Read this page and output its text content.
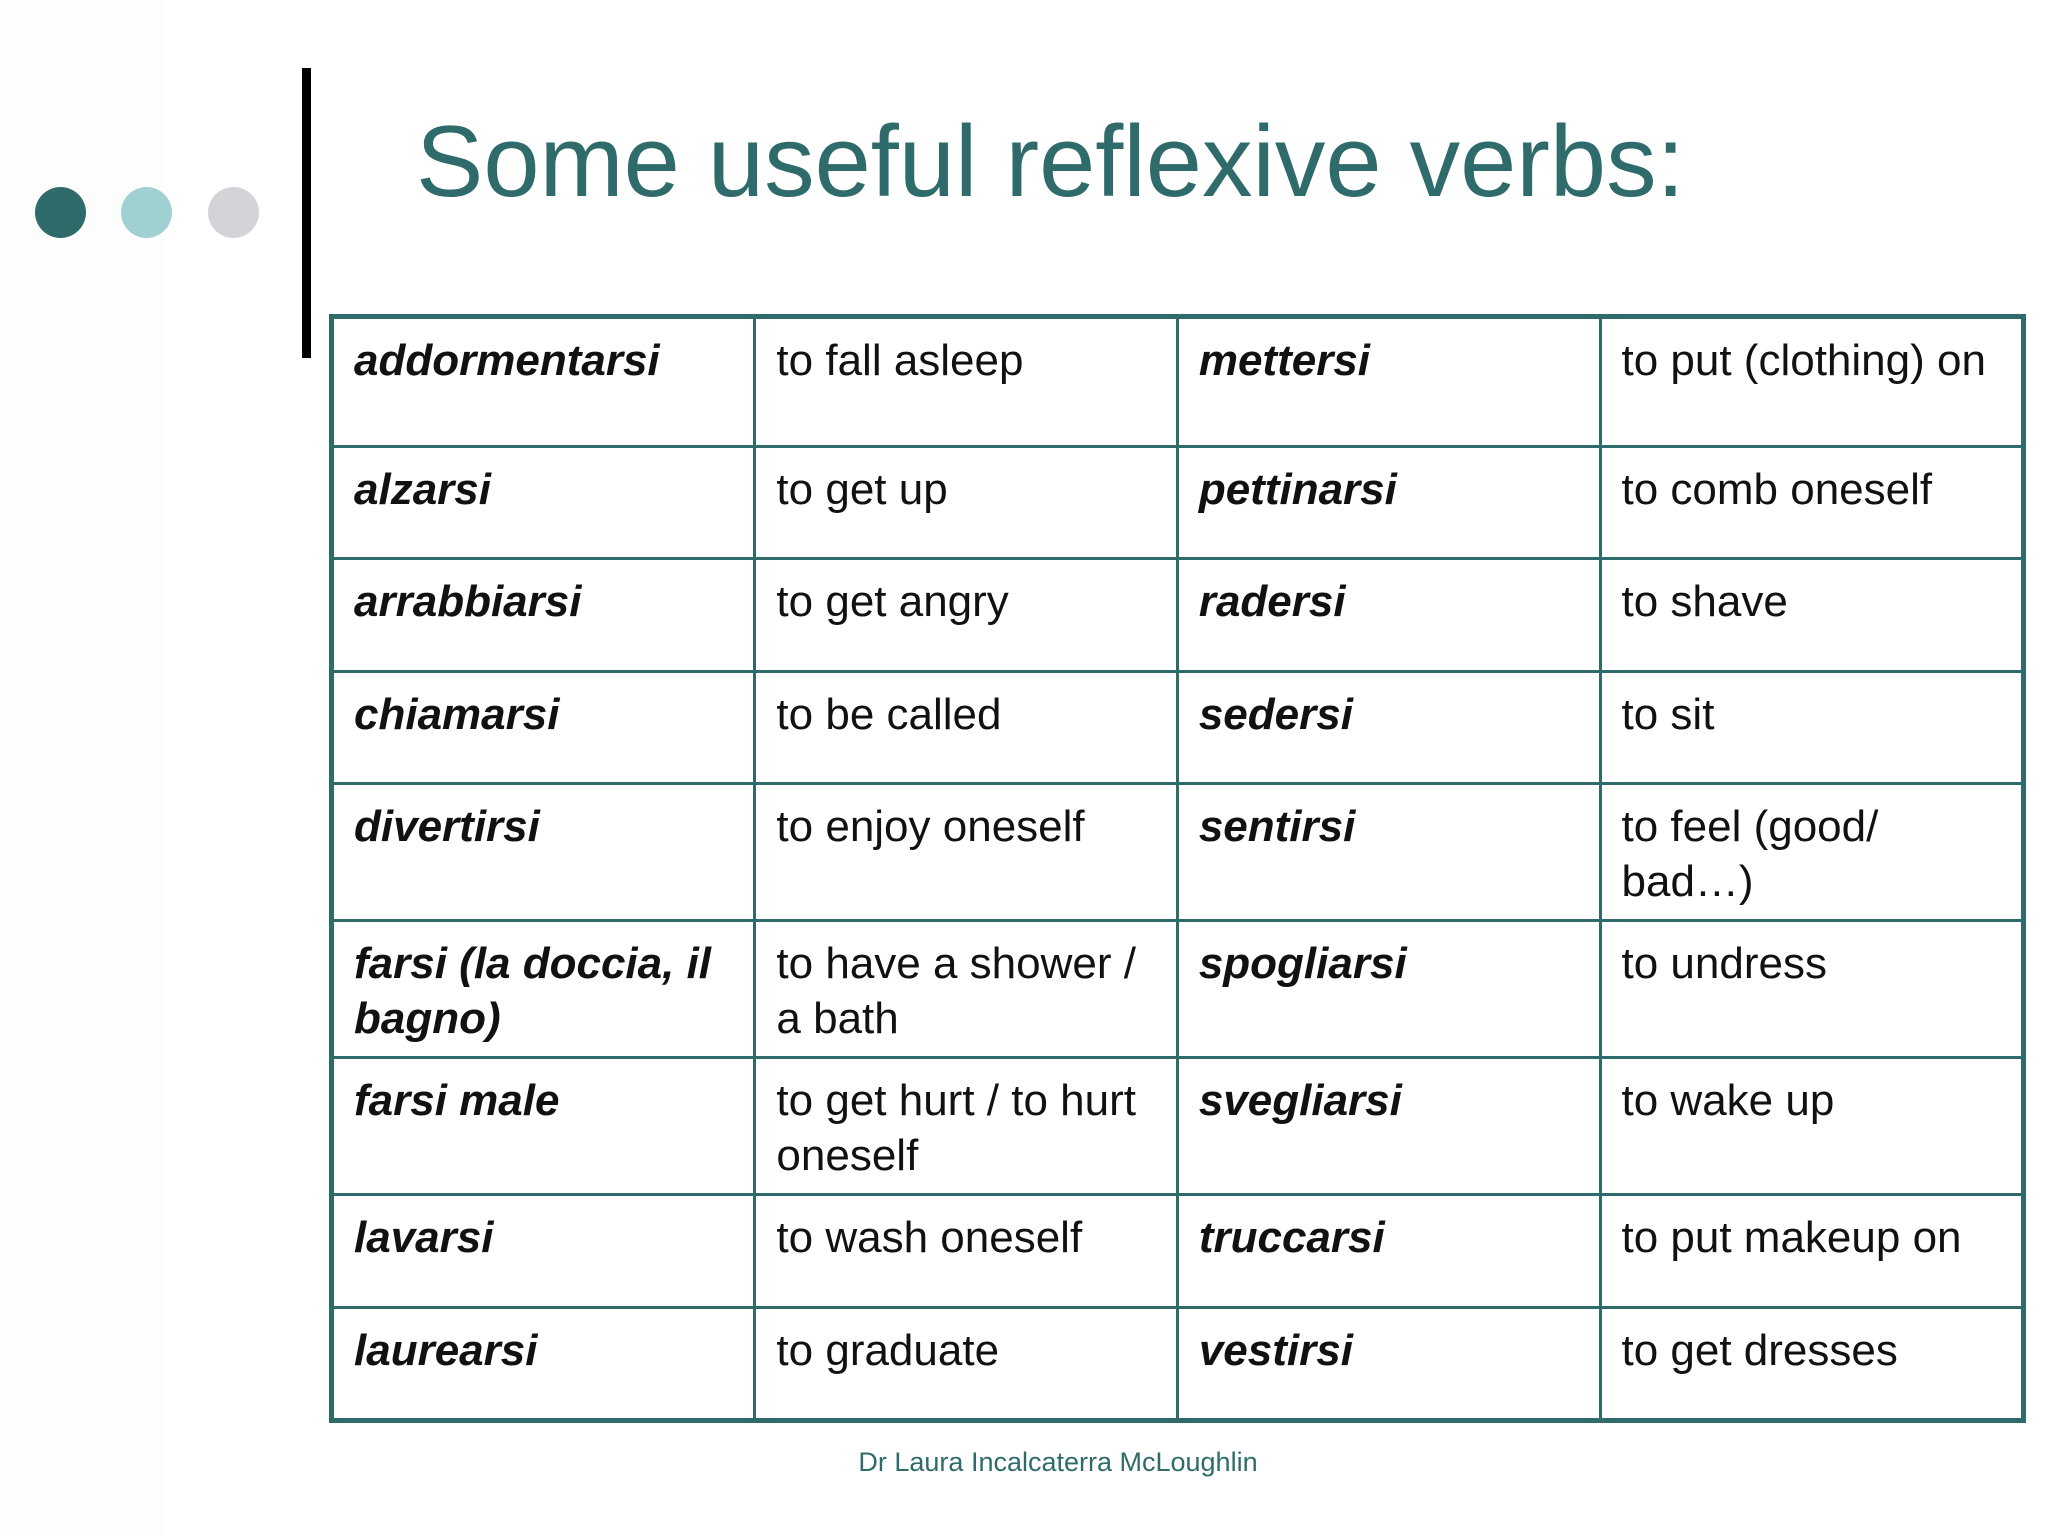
Some useful reflexive verbs:
addormentarsi	to fall asleep	mettersi	to put (clothing) on
alzarsi	to get up	pettinarsi	to comb oneself
arrabbiarsi	to get angry	radersi	to shave
chiamarsi	to be called	sedersi	to sit
divertirsi	to enjoy oneself	sentirsi	to feel (good/ bad…)
farsi (la doccia, il bagno)	to have a shower / a bath	spogliarsi	to undress
farsi male	to get hurt / to hurt oneself	svegliarsi	to wake up
lavarsi	to wash oneself	truccarsi	to put makeup on
laurearsi	to graduate	vestirsi	to get dresses
Dr Laura Incalcaterra McLoughlin
